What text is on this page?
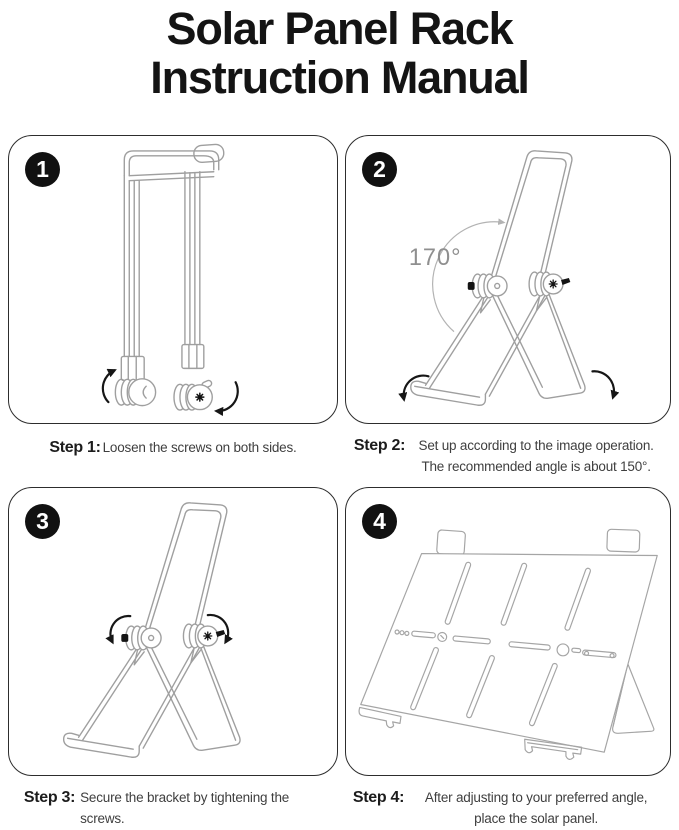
Solar Panel Rack
Instruction Manual
1
170°
2
3	4
Step 1: Loosen the screws on both sides.	Step 2: Set up according to the image operation. The recommended angle is about 150°.
Step 3: Secure the bracket by tightening the screws.
Step 4:	After adjusting to your preferred angle, place the solar panel.
